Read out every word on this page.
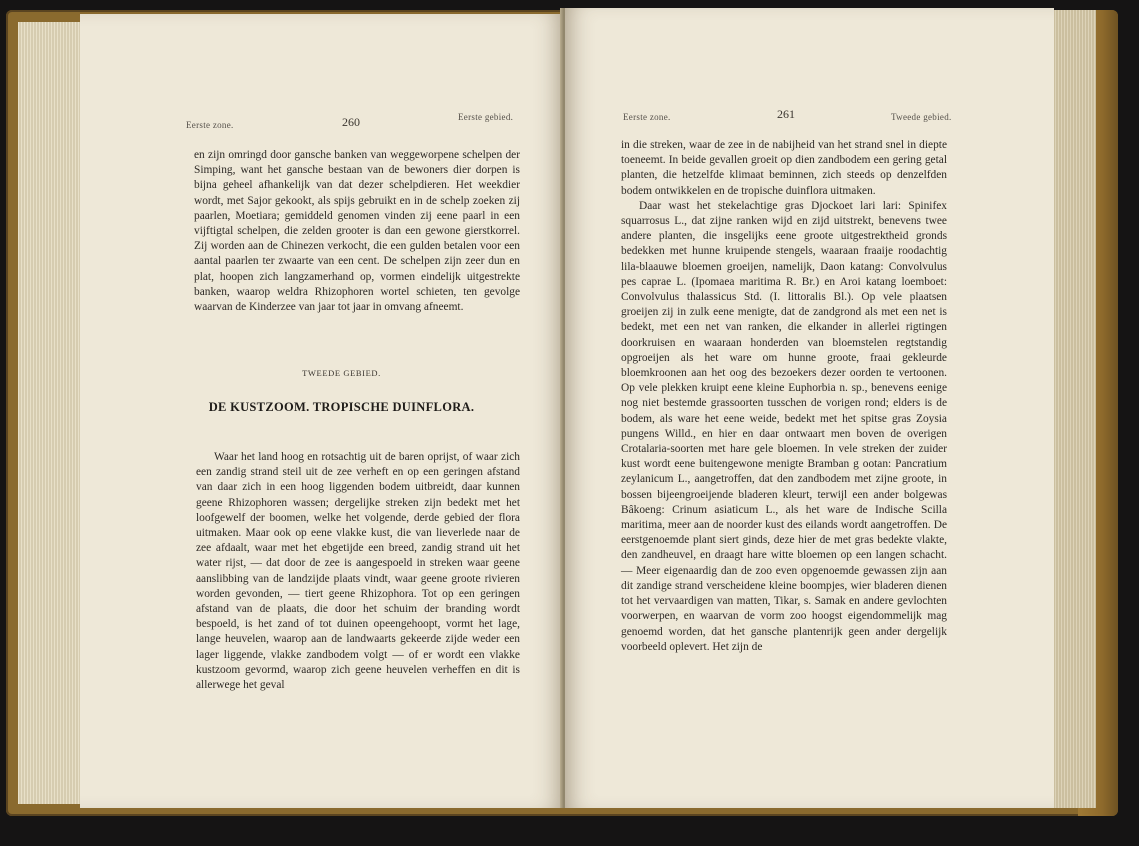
Eerste zone.	260	Eerste gebied.

en zijn omringd door gansche banken van weggeworpene schelpen der Simping, want het gansche bestaan van de bewoners dier dorpen is bijna geheel afhankelijk van dat dezer schelpdieren. Het weekdier wordt, met Sajor gekookt, als spijs gebruikt en in de schelp zoeken zij paarlen, Moetiara; gemiddeld genomen vinden zij eene paarl in een vijftigtal schelpen, die zelden grooter is dan een gewone gierstkorrel. Zij worden aan de Chinezen verkocht, die een gulden betalen voor een aantal paarlen ter zwaarte van een cent. De schelpen zijn zeer dun en plat, hoopen zich langzamerhand op, vormen eindelijk uitgestrekte banken, waarop weldra Rhizophoren wortel schieten, ten gevolge waarvan de Kinderzee van jaar tot jaar in omvang afneemt.

TWEEDE GEBIED.
DE KUSTZOOM. TROPISCHE DUINFLORA.

Waar het land hoog en rotsachtig uit de baren oprijst, of waar zich een zandig strand steil uit de zee verheft en op een geringen afstand van daar zich in een hoog liggenden bodem uitbreidt, daar kunnen geene Rhizophoren wassen; dergelijke streken zijn bedekt met het loofgewelf der boomen, welke het volgende, derde gebied der flora uitmaken. Maar ook op eene vlakke kust, die van lieverlede naar de zee afdaalt, waar met het ebgetijde een breed, zandig strand uit het water rijst, — dat door de zee is aangespoeld in streken waar geene aanslibbing van de landzijde plaats vindt, waar geene groote rivieren worden gevonden, — tiert geene Rhizophora. Tot op een geringen afstand van de plaats, die door het schuim der branding wordt bespoeld, is het zand of tot duinen opeengehoopt, vormt het lage, lange heuvelen, waarop aan de landwaarts gekeerde zijde weder een lager liggende, vlakke zandbodem volgt — of er wordt een vlakke kustzoom gevormd, waarop zich geene heuvelen verheffen en dit is allerwege het geval

Eerste zone.	261	Tweede gebied.

in die streken, waar de zee in de nabijheid van het strand snel in diepte toeneemt. In beide gevallen groeit op dien zandbodem een gering getal planten, die hetzelfde klimaat beminnen, zich steeds op denzelfden bodem ontwikkelen en de tropische duinflora uitmaken.

Daar wast het stekelachtige gras Djockoet lari lari: Spinifex squarrosus L., dat zijne ranken wijd en zijd uitstrekt, benevens twee andere planten, die insgelijks eene groote uitgestrektheid gronds bedekken met hunne kruipende stengels, waaraan fraaije roodachtig lila-blaauwe bloemen groeijen, namelijk, Daon katang: Convolvulus pes caprae L. (Ipomaea maritima R. Br.) en Aroi katang loemboet: Convolvulus thalassicus Std. (I. littoralis Bl.). Op vele plaatsen groeijen zij in zulk eene menigte, dat de zandgrond als met een net is bedekt, met een net van ranken, die elkander in allerlei rigtingen doorkruisen en waaraan honderden van bloemstelen regtstandig opgroeijen als het ware om hunne groote, fraai gekleurde bloemkroonen aan het oog des bezoekers dezer oorden te vertoonen. Op vele plekken kruipt eene kleine Euphorbia n. sp., benevens eenige nog niet bestemde grassoorten tusschen de vorigen rond; elders is de bodem, als ware het eene weide, bedekt met het spitse gras Zoysia pungens Willd., en hier en daar ontwaart men boven de overigen Crotalaria-soorten met hare gele bloemen. In vele streken der zuider kust wordt eene buitengewone menigte Bramban g ootan: Pancratium zeylanicum L., aangetroffen, dat den zandbodem met zijne groote, in bossen bijeengroeijende bladeren kleurt, terwijl een ander bolgewas Bâkoeng: Crinum asiaticum L., als het ware de Indische Scilla maritima, meer aan de noorder kust des eilands wordt aangetroffen. De eerstgenoemde plant siert ginds, deze hier de met gras bedekte vlakte, den zandheuvel, en draagt hare witte bloemen op een langen schacht. — Meer eigenaardig dan de zoo even opgenoemde gewassen zijn aan dit zandige strand verscheidene kleine boompjes, wier bladeren dienen tot het vervaardigen van matten, Tikar, s. Samak en andere gevlochten voorwerpen, en waarvan de vorm zoo hoogst eigendommelijk mag genoemd worden, dat het gansche plantenrijk geen ander dergelijk voorbeeld oplevert. Het zijn de
